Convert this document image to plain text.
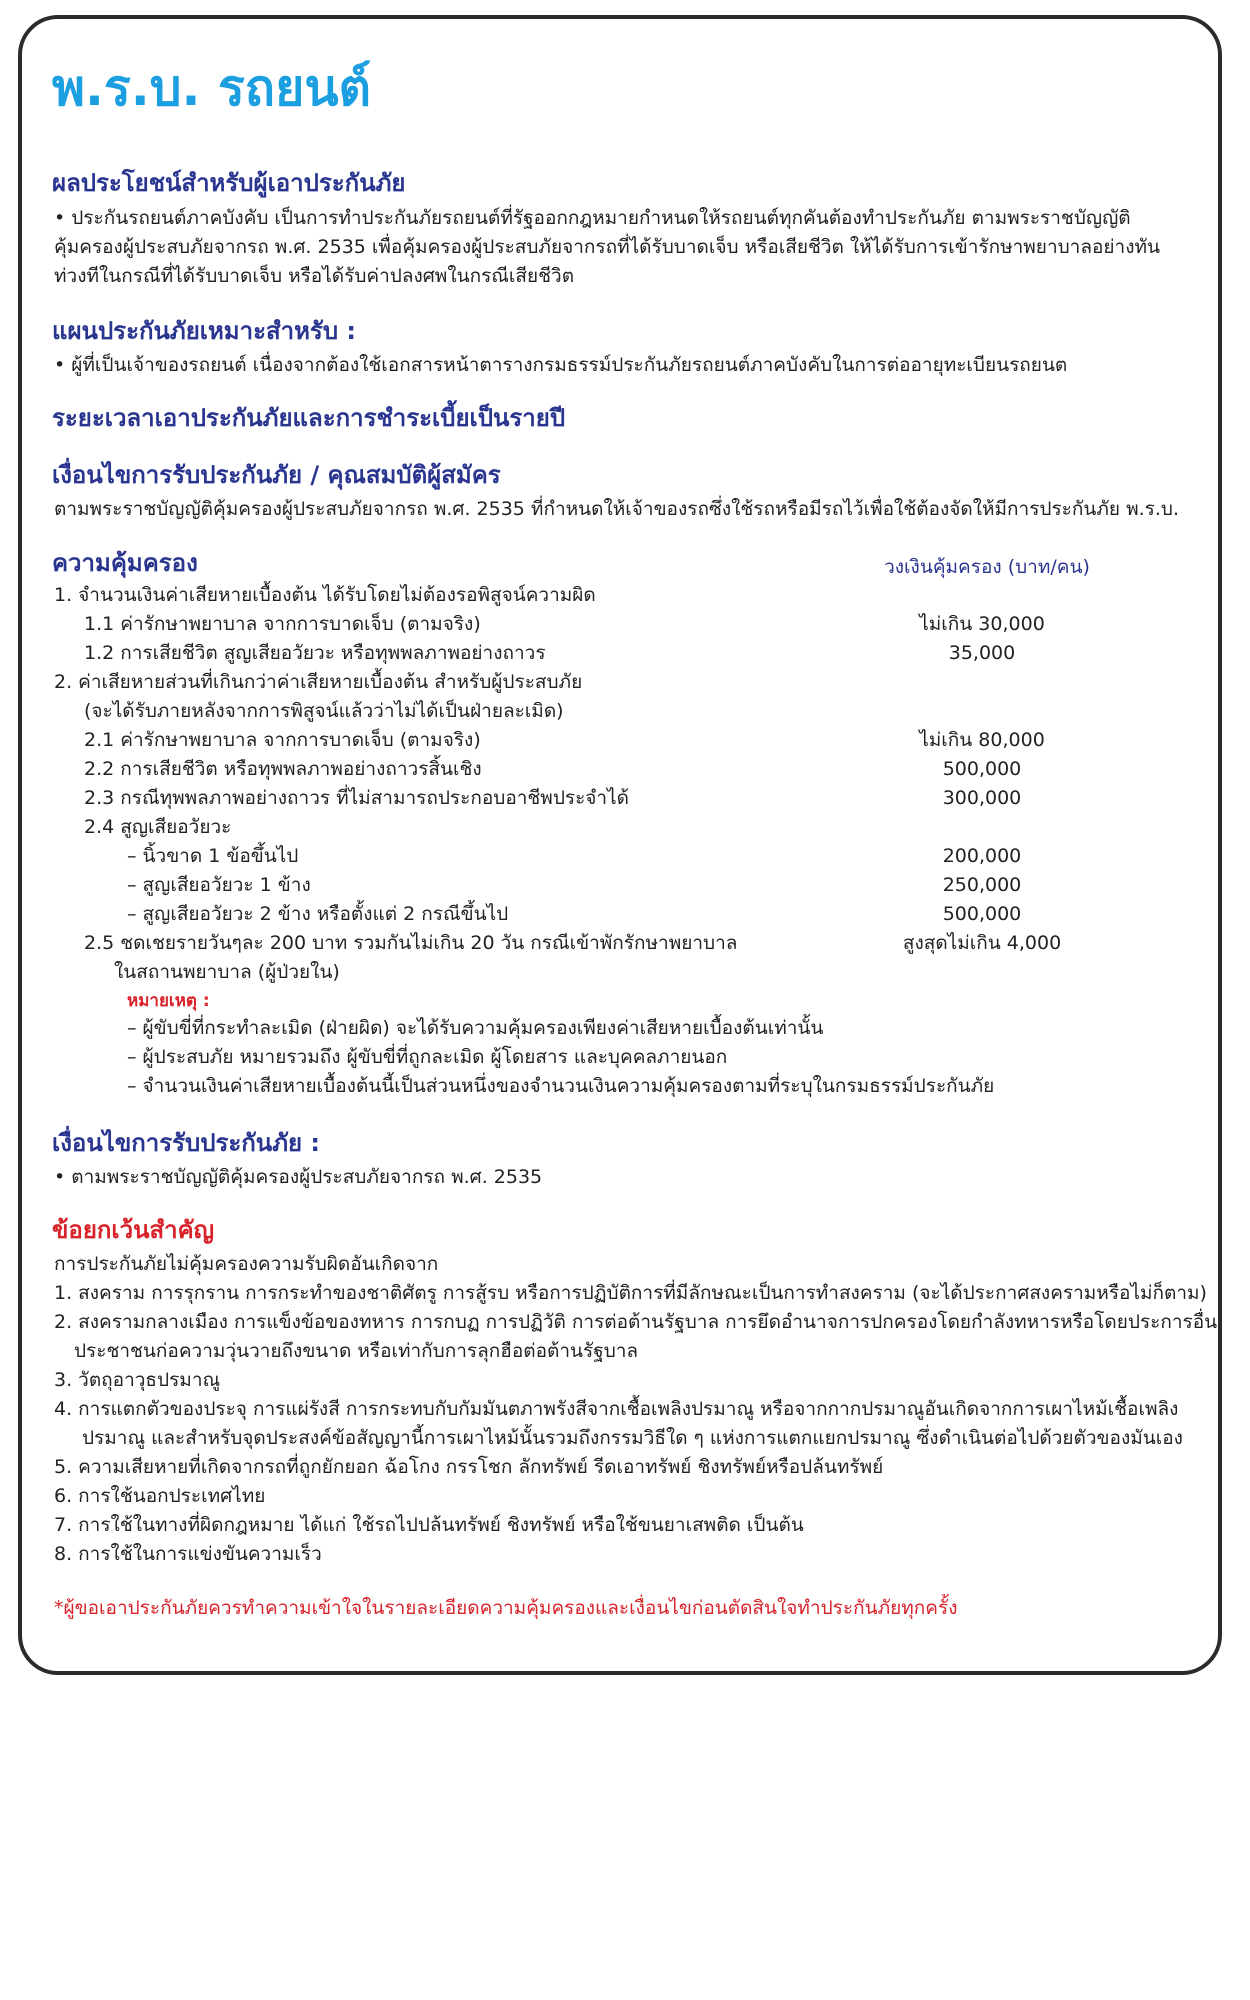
พ.ร.บ. รถยนต์
ผลประโยชน์สำหรับผู้เอาประกันภัย

• ประกันรถยนต์ภาคบังคับ เป็นการทำประกันภัยรถยนต์ที่รัฐออกกฎหมายกำหนดให้รถยนต์ทุกคันต้องทำประกันภัย ตามพระราชบัญญัติ

คุ้มครองผู้ประสบภัยจากรถ พ.ศ. 2535 เพื่อคุ้มครองผู้ประสบภัยจากรถที่ได้รับบาดเจ็บ หรือเสียชีวิต ให้ได้รับการเข้ารักษาพยาบาลอย่างทัน

ท่วงทีในกรณีที่ได้รับบาดเจ็บ หรือได้รับค่าปลงศพในกรณีเสียชีวิต

แผนประกันภัยเหมาะสำหรับ :

• ผู้ที่เป็นเจ้าของรถยนต์ เนื่องจากต้องใช้เอกสารหน้าตารางกรมธรรม์ประกันภัยรถยนต์ภาคบังคับในการต่ออายุทะเบียนรถยนต

ระยะเวลาเอาประกันภัยและการชำระเบี้ยเป็นรายปี
เงื่อนไขการรับประกันภัย / คุณสมบัติผู้สมัคร

ตามพระราชบัญญัติคุ้มครองผู้ประสบภัยจากรถ พ.ศ. 2535 ที่กำหนดให้เจ้าของรถซึ่งใช้รถหรือมีรถไว้เพื่อใช้ต้องจัดให้มีการประกันภัย พ.ร.บ.

ความคุ้มครอง	วงเงินคุ้มครอง (บาท/คน)

1. จำนวนเงินค่าเสียหายเบื้องต้น ได้รับโดยไม่ต้องรอพิสูจน์ความผิด

1.1 ค่ารักษาพยาบาล จากการบาดเจ็บ (ตามจริง)	ไม่เกิน 30,000

1.2 การเสียชีวิต สูญเสียอวัยวะ หรือทุพพลภาพอย่างถาวร	35,000

2. ค่าเสียหายส่วนที่เกินกว่าค่าเสียหายเบื้องต้น สำหรับผู้ประสบภัย

(จะได้รับภายหลังจากการพิสูจน์แล้วว่าไม่ได้เป็นฝ่ายละเมิด)

2.1 ค่ารักษาพยาบาล จากการบาดเจ็บ (ตามจริง)	ไม่เกิน 80,000

2.2 การเสียชีวิต หรือทุพพลภาพอย่างถาวรสิ้นเชิง	500,000

2.3 กรณีทุพพลภาพอย่างถาวร ที่ไม่สามารถประกอบอาชีพประจำได้	300,000

2.4 สูญเสียอวัยวะ

– นิ้วขาด 1 ข้อขึ้นไป	200,000

– สูญเสียอวัยวะ 1 ข้าง	250,000

– สูญเสียอวัยวะ 2 ข้าง หรือตั้งแต่ 2 กรณีขึ้นไป	500,000

2.5 ชดเชยรายวันๆละ 200 บาท รวมกันไม่เกิน 20 วัน กรณีเข้าพักรักษาพยาบาล	สูงสุดไม่เกิน 4,000

ในสถานพยาบาล (ผู้ป่วยใน)

หมายเหตุ :

– ผู้ขับขี่ที่กระทำละเมิด (ฝ่ายผิด) จะได้รับความคุ้มครองเพียงค่าเสียหายเบื้องต้นเท่านั้น

– ผู้ประสบภัย หมายรวมถึง ผู้ขับขี่ที่ถูกละเมิด ผู้โดยสาร และบุคคลภายนอก

– จำนวนเงินค่าเสียหายเบื้องต้นนี้เป็นส่วนหนึ่งของจำนวนเงินความคุ้มครองตามที่ระบุในกรมธรรม์ประกันภัย

เงื่อนไขการรับประกันภัย :

• ตามพระราชบัญญัติคุ้มครองผู้ประสบภัยจากรถ พ.ศ. 2535

ข้อยกเว้นสำคัญ

การประกันภัยไม่คุ้มครองความรับผิดอันเกิดจาก

1. สงคราม การรุกราน การกระทำของชาติศัตรู การสู้รบ หรือการปฏิบัติการที่มีลักษณะเป็นการทำสงคราม (จะได้ประกาศสงครามหรือไม่ก็ตาม)

2. สงครามกลางเมือง การแข็งข้อของทหาร การกบฏ การปฏิวัติ การต่อต้านรัฐบาล การยึดอำนาจการปกครองโดยกำลังทหารหรือโดยประการอื่น

ประชาชนก่อความวุ่นวายถึงขนาด หรือเท่ากับการลุกฮือต่อต้านรัฐบาล

3. วัตถุอาวุธปรมาณู

4. การแตกตัวของประจุ การแผ่รังสี การกระทบกับกัมมันตภาพรังสีจากเชื้อเพลิงปรมาณู หรือจากกากปรมาณูอันเกิดจากการเผาไหม้เชื้อเพลิง

ปรมาณู และสำหรับจุดประสงค์ข้อสัญญานี้การเผาไหม้นั้นรวมถึงกรรมวิธีใด ๆ แห่งการแตกแยกปรมาณู ซึ่งดำเนินต่อไปด้วยตัวของมันเอง

5. ความเสียหายที่เกิดจากรถที่ถูกยักยอก ฉ้อโกง กรรโชก ลักทรัพย์ รีดเอาทรัพย์ ชิงทรัพย์หรือปล้นทรัพย์

6. การใช้นอกประเทศไทย

7. การใช้ในทางที่ผิดกฎหมาย ได้แก่ ใช้รถไปปล้นทรัพย์ ชิงทรัพย์ หรือใช้ขนยาเสพติด เป็นต้น

8. การใช้ในการแข่งขันความเร็ว

*ผู้ขอเอาประกันภัยควรทำความเข้าใจในรายละเอียดความคุ้มครองและเงื่อนไขก่อนตัดสินใจทำประกันภัยทุกครั้ง
